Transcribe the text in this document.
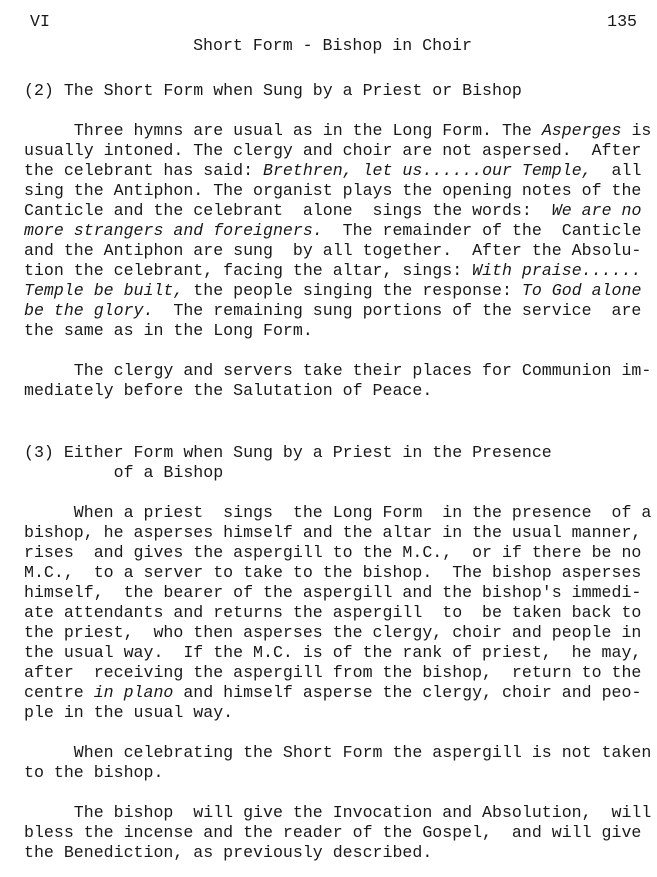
VI	135
Short Form - Bishop in Choir
(2) The Short Form when Sung by a Priest or Bishop
Three hymns are usual as in the Long Form. The Asperges is
usually intoned. The clergy and choir are not aspersed.  After
the celebrant has said: Brethren, let us......our Temple,  all
sing the Antiphon. The organist plays the opening notes of the
Canticle and the celebrant  alone  sings the words:  We are no
more strangers and foreigners.  The remainder of the  Canticle
and the Antiphon are sung  by all together.  After the Absolu-
tion the celebrant, facing the altar, sings: With praise......
Temple be built, the people singing the response: To God alone
be the glory.  The remaining sung portions of the service  are
the same as in the Long Form.
The clergy and servers take their places for Communion im-
mediately before the Salutation of Peace.
(3) Either Form when Sung by a Priest in the Presence
of a Bishop
When a priest  sings  the Long Form  in the presence  of a
bishop, he asperses himself and the altar in the usual manner,
rises  and gives the aspergill to the M.C.,  or if there be no
M.C.,  to a server to take to the bishop.  The bishop asperses
himself,  the bearer of the aspergill and the bishop's immedi-
ate attendants and returns the aspergill  to  be taken back to
the priest,  who then asperses the clergy, choir and people in
the usual way.  If the M.C. is of the rank of priest,  he may,
after  receiving the aspergill from the bishop,  return to the
centre in plano and himself asperse the clergy, choir and peo-
ple in the usual way.
When celebrating the Short Form the aspergill is not taken
to the bishop.
The bishop  will give the Invocation and Absolution,  will
bless the incense and the reader of the Gospel,  and will give
the Benediction, as previously described.
